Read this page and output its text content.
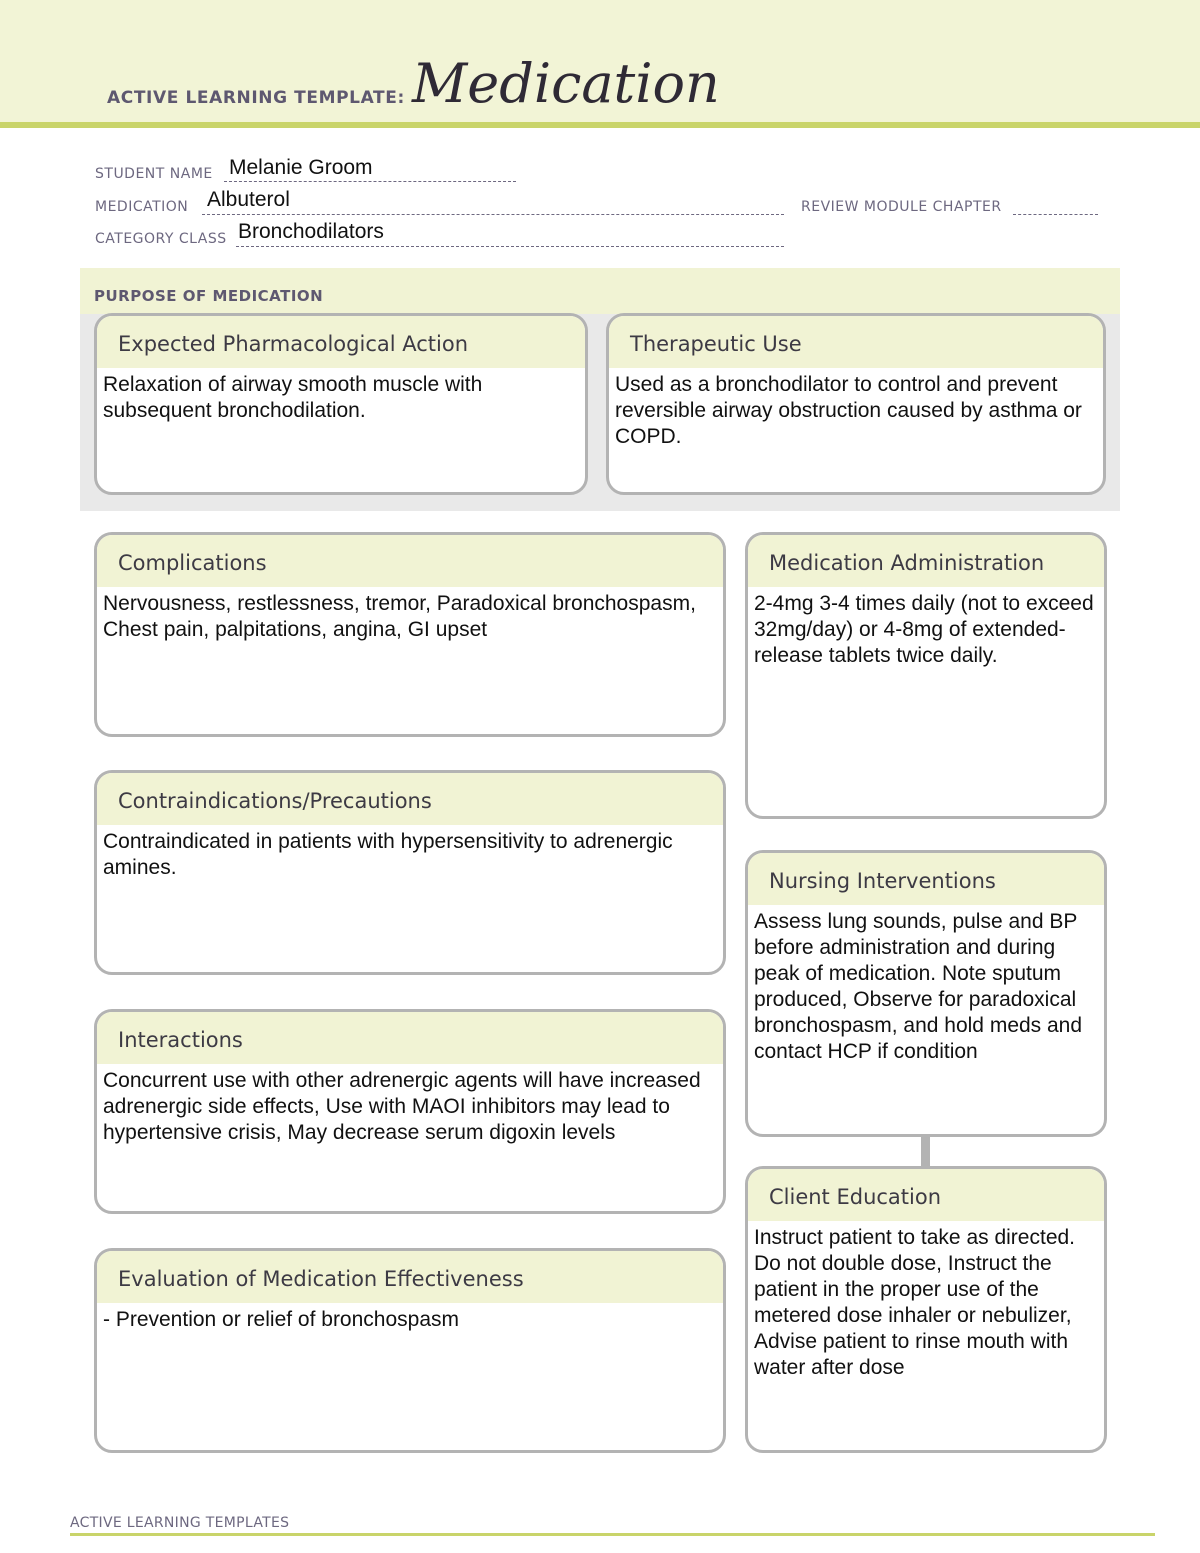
ACTIVE LEARNING TEMPLATE: Medication
STUDENT NAME Melanie Groom
MEDICATION Albuterol	REVIEW MODULE CHAPTER
CATEGORY CLASS Bronchodilators
PURPOSE OF MEDICATION
Expected Pharmacological Action
Relaxation of airway smooth muscle with subsequent bronchodilation.
Therapeutic Use
Used as a bronchodilator to control and prevent reversible airway obstruction caused by asthma or COPD.
Complications
Nervousness, restlessness, tremor, Paradoxical bronchospasm, Chest pain, palpitations, angina, GI upset
Contraindications/Precautions
Contraindicated in patients with hypersensitivity to adrenergic amines.
Interactions
Concurrent use with other adrenergic agents will have increased adrenergic side effects, Use with MAOI inhibitors may lead to hypertensive crisis, May decrease serum digoxin levels
Evaluation of Medication Effectiveness
- Prevention or relief of bronchospasm
Medication Administration
2-4mg 3-4 times daily (not to exceed 32mg/day) or 4-8mg of extended-release tablets twice daily.
Nursing Interventions
Assess lung sounds, pulse and BP before administration and during peak of medication. Note sputum produced, Observe for paradoxical bronchospasm, and hold meds and contact HCP if condition
Client Education
Instruct patient to take as directed. Do not double dose, Instruct the patient in the proper use of the metered dose inhaler or nebulizer, Advise patient to rinse mouth with water after dose
ACTIVE LEARNING TEMPLATES
